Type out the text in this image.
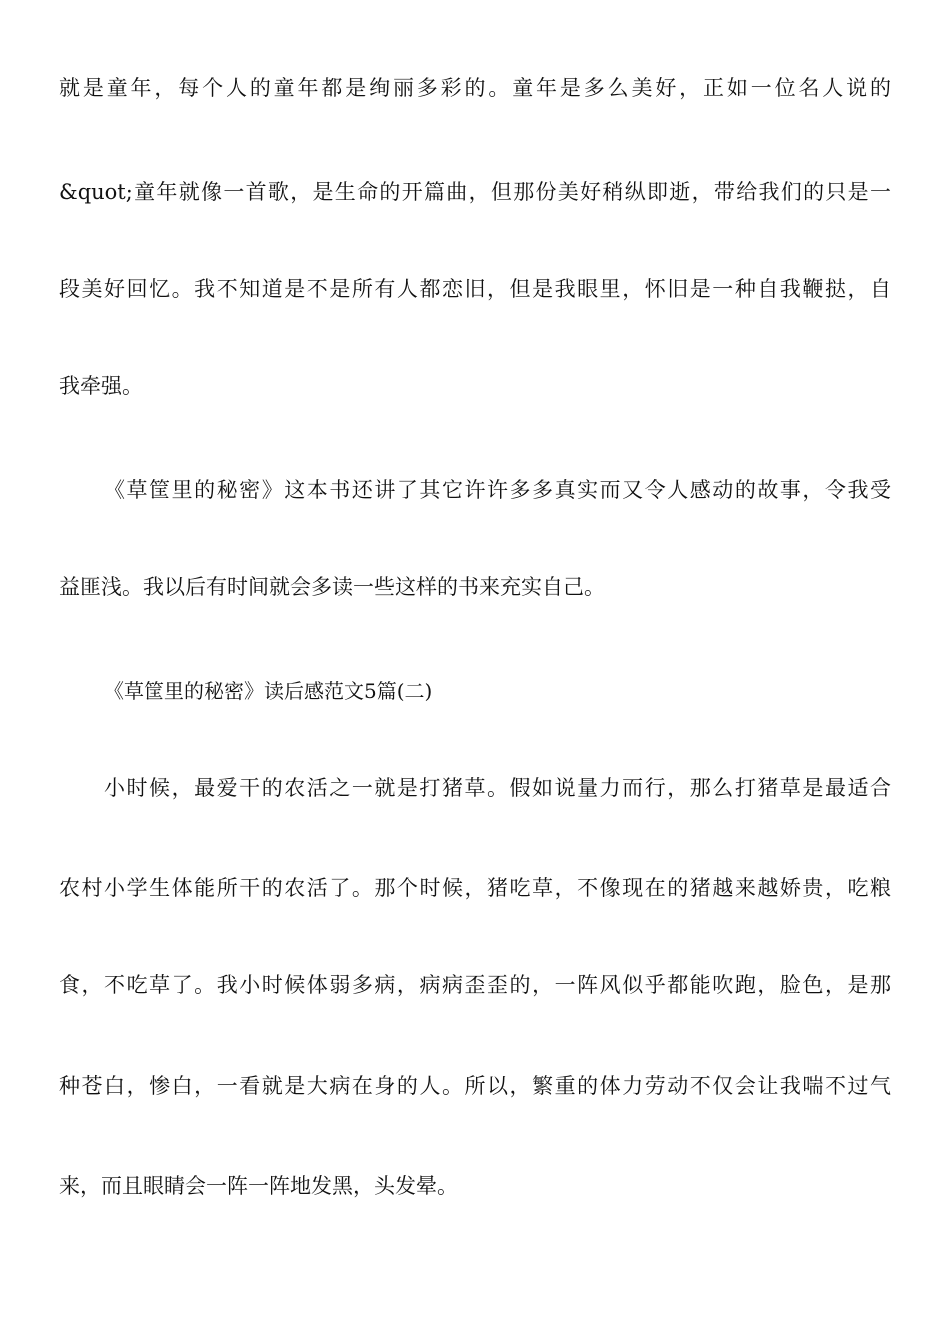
就是童年，每个人的童年都是绚丽多彩的。童年是多么美好，正如一位名人说的

&quot;童年就像一首歌，是生命的开篇曲，但那份美好稍纵即逝，带给我们的只是一

段美好回忆。我不知道是不是所有人都恋旧，但是我眼里，怀旧是一种自我鞭挞，自

我牵强。

《草筐里的秘密》这本书还讲了其它许许多多真实而又令人感动的故事，令我受

益匪浅。我以后有时间就会多读一些这样的书来充实自己。

《草筐里的秘密》读后感范文5篇(二)

小时候，最爱干的农活之一就是打猪草。假如说量力而行，那么打猪草是最适合

农村小学生体能所干的农活了。那个时候，猪吃草，不像现在的猪越来越娇贵，吃粮

食，不吃草了。我小时候体弱多病，病病歪歪的，一阵风似乎都能吹跑，脸色，是那

种苍白，惨白，一看就是大病在身的人。所以，繁重的体力劳动不仅会让我喘不过气

来，而且眼睛会一阵一阵地发黑，头发晕。
